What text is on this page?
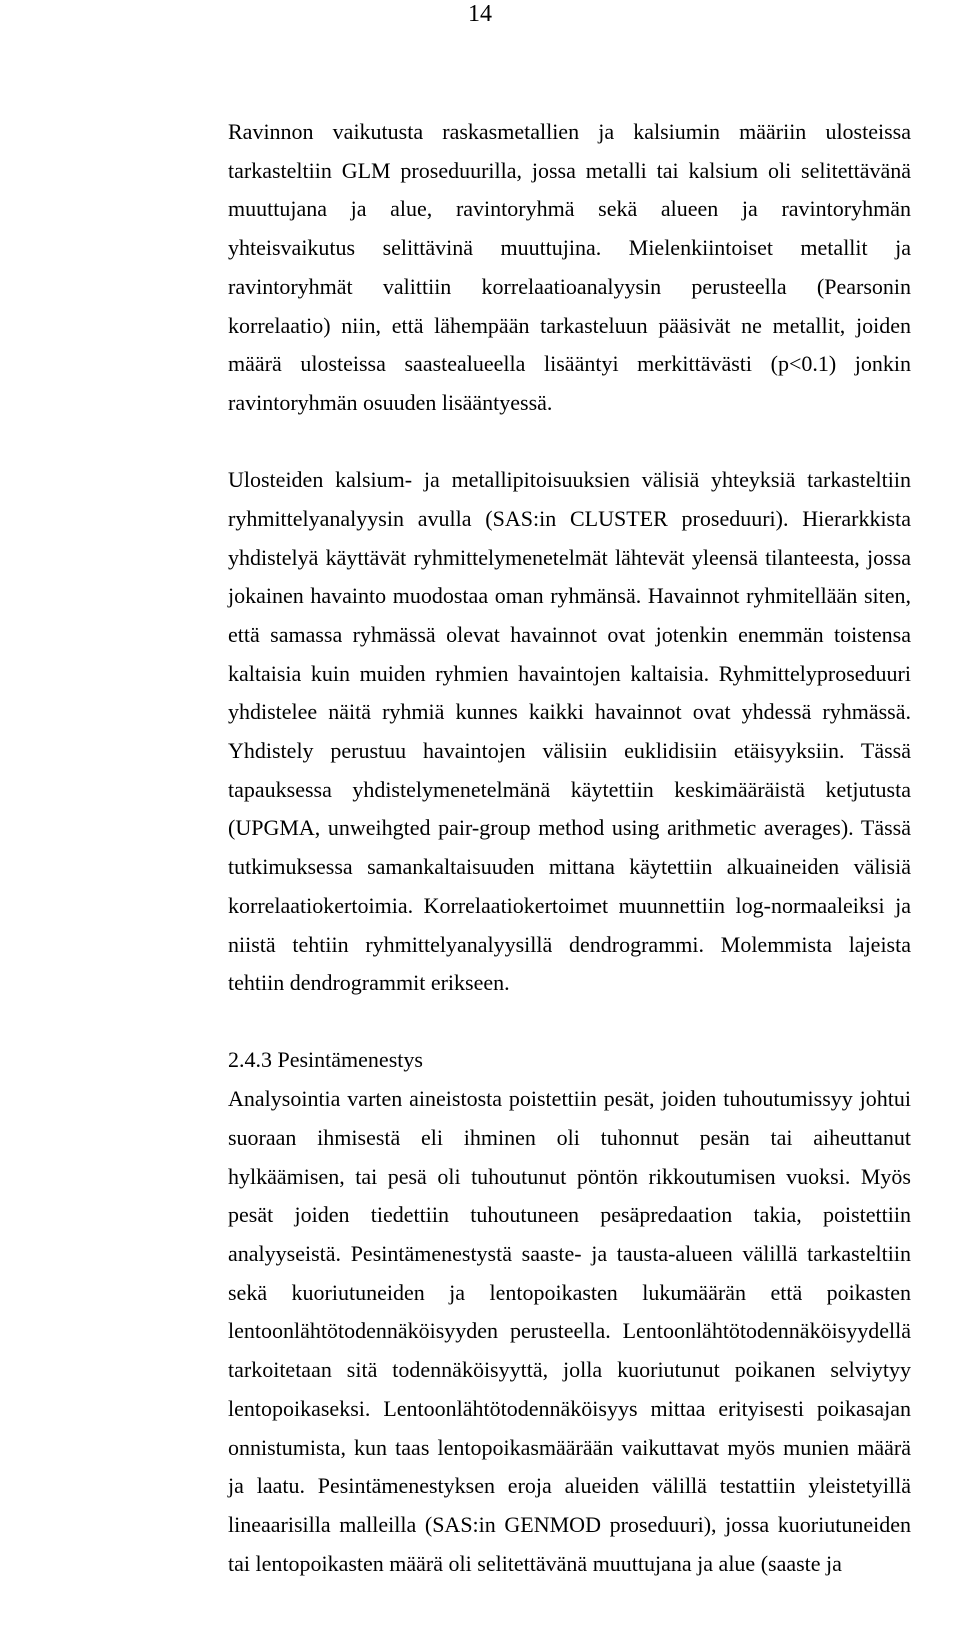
14

Ravinnon vaikutusta raskasmetallien ja kalsiumin määriin ulosteissa tarkasteltiin GLM proseduurilla, jossa metalli tai kalsium oli selitettävänä muuttujana ja alue, ravintoryhmä sekä alueen ja ravintoryhmän yhteisvaikutus selittävinä muuttujina. Mielenkiintoiset metallit ja ravintoryhmät valittiin korrelaatioanalyysin perusteella (Pearsonin korrelaatio) niin, että lähempään tarkasteluun pääsivät ne metallit, joiden määrä ulosteissa saastealueella lisääntyi merkittävästi (p<0.1) jonkin ravintoryhmän osuuden lisääntyessä.

Ulosteiden kalsium- ja metallipitoisuuksien välisiä yhteyksiä tarkasteltiin ryhmittelyanalyysin avulla (SAS:in CLUSTER proseduuri). Hierarkkista yhdistelyä käyttävät ryhmittelymenetelmät lähtevät yleensä tilanteesta, jossa jokainen havainto muodostaa oman ryhmänsä. Havainnot ryhmitellään siten, että samassa ryhmässä olevat havainnot ovat jotenkin enemmän toistensa kaltaisia kuin muiden ryhmien havaintojen kaltaisia. Ryhmittelyproseduuri yhdistelee näitä ryhmiä kunnes kaikki havainnot ovat yhdessä ryhmässä. Yhdistely perustuu havaintojen välisiin euklidisiin etäisyyksiin. Tässä tapauksessa yhdistelymenetelmänä käytettiin keskimääräistä ketjutusta (UPGMA, unweihgted pair-group method using arithmetic averages). Tässä tutkimuksessa samankaltaisuuden mittana käytettiin alkuaineiden välisiä korrelaatiokertoimia. Korrelaatiokertoimet muunnettiin log-normaaleiksi ja niistä tehtiin ryhmittelyanalyysillä dendrogrammi. Molemmista lajeista tehtiin dendrogrammit erikseen.

2.4.3 Pesintämenestys

Analysointia varten aineistosta poistettiin pesät, joiden tuhoutumissyy johtui suoraan ihmisestä eli ihminen oli tuhonnut pesän tai aiheuttanut hylkäämisen, tai pesä oli tuhoutunut pöntön rikkoutumisen vuoksi. Myös pesät joiden tiedettiin tuhoutuneen pesäpredaation takia, poistettiin analyyseistä. Pesintämenestystä saaste- ja tausta-alueen välillä tarkasteltiin sekä kuoriutuneiden ja lentopoikasten lukumäärän että poikasten lentoonlähtötodennäköisyyden perusteella. Lentoonlähtötodennäköisyydellä tarkoitetaan sitä todennäköisyyttä, jolla kuoriutunut poikanen selviytyy lentopoikaseksi. Lentoonlähtötodennäköisyys mittaa erityisesti poikasajan onnistumista, kun taas lentopoikasmäärään vaikuttavat myös munien määrä ja laatu. Pesintämenestyksen eroja alueiden välillä testattiin yleistetyillä lineaarisilla malleilla (SAS:in GENMOD proseduuri), jossa kuoriutuneiden tai lentopoikasten määrä oli selitettävänä muuttujana ja alue (saaste ja
